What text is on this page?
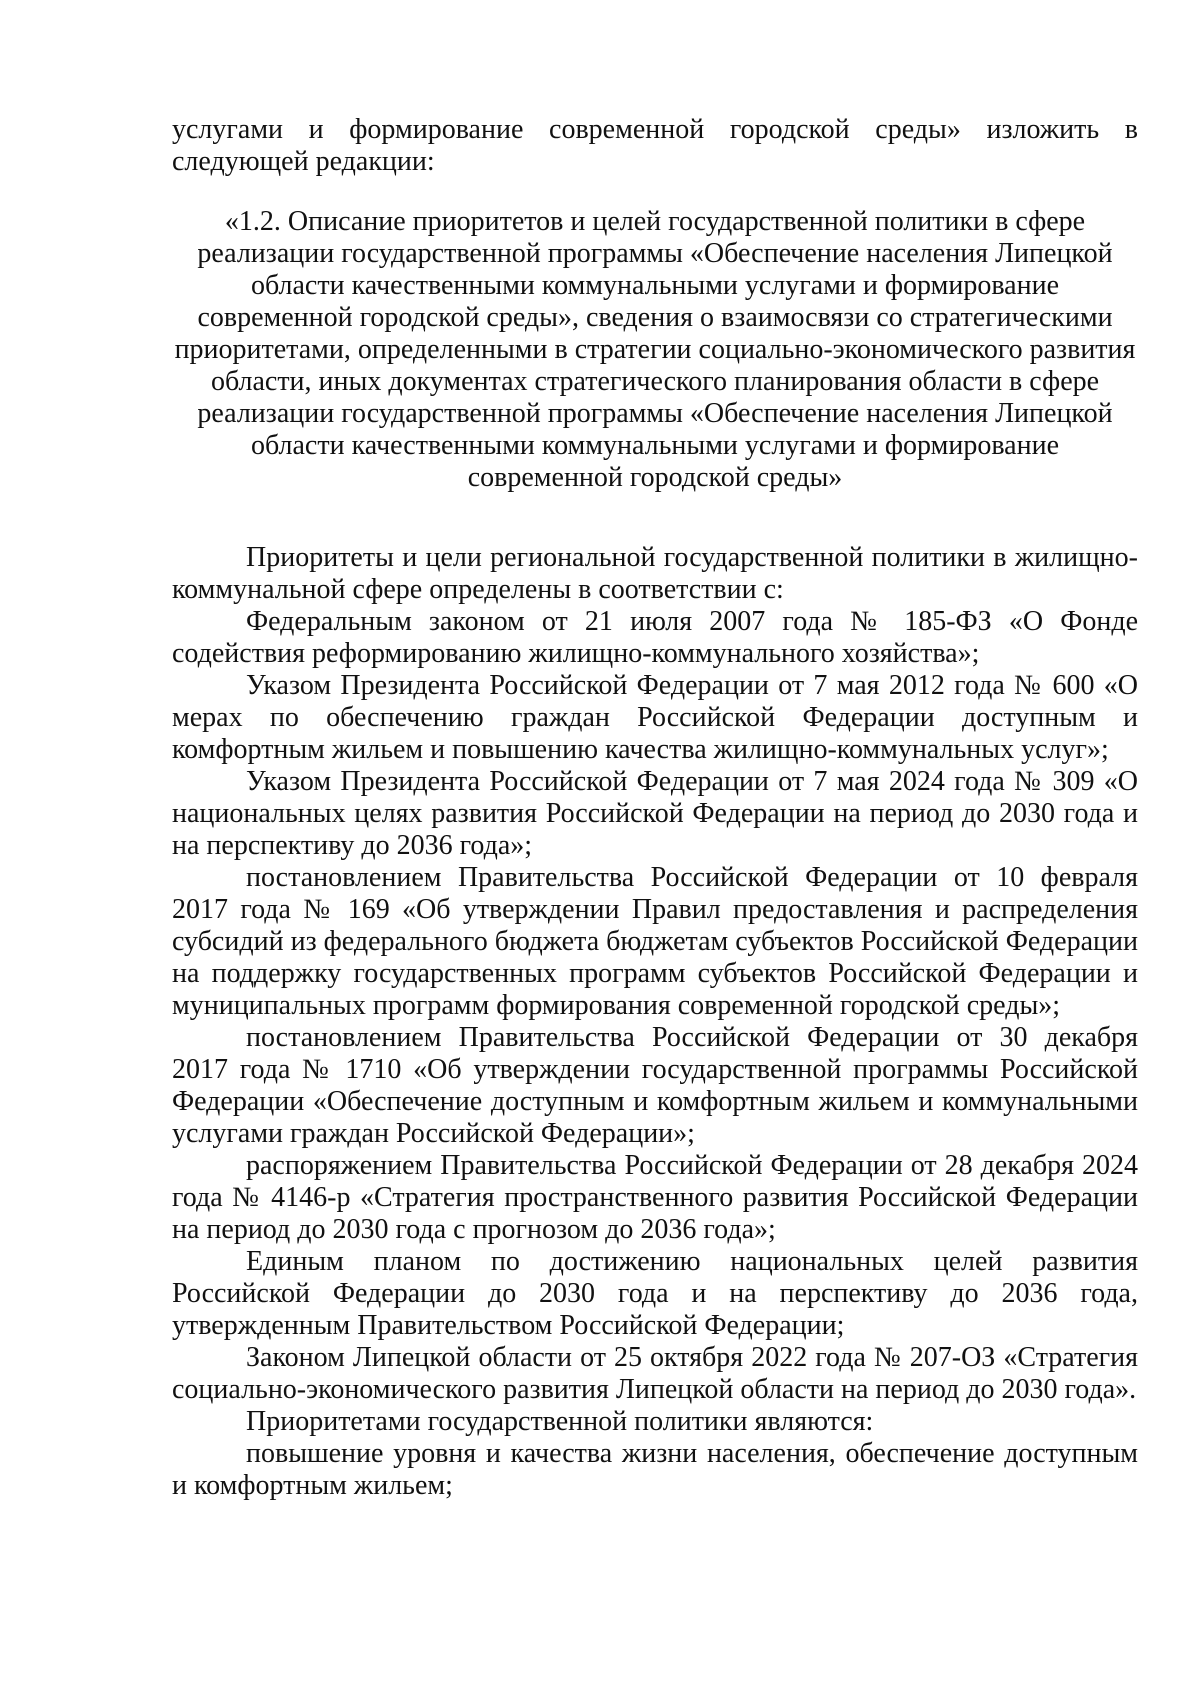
услугами и формирование современной городской среды» изложить в следующей редакции:

«1.2. Описание приоритетов и целей государственной политики в сфере реализации государственной программы «Обеспечение населения Липецкой области качественными коммунальными услугами и формирование современной городской среды», сведения о взаимосвязи со стратегическими приоритетами, определенными в стратегии социально-экономического развития области, иных документах стратегического планирования области в сфере реализации государственной программы «Обеспечение населения Липецкой области качественными коммунальными услугами и формирование современной городской среды»

Приоритеты и цели региональной государственной политики в жилищно-коммунальной сфере определены в соответствии с:

Федеральным законом от 21 июля 2007 года № 185-ФЗ «О Фонде содействия реформированию жилищно-коммунального хозяйства»;

Указом Президента Российской Федерации от 7 мая 2012 года № 600 «О мерах по обеспечению граждан Российской Федерации доступным и комфортным жильем и повышению качества жилищно-коммунальных услуг»;

Указом Президента Российской Федерации от 7 мая 2024 года № 309 «О национальных целях развития Российской Федерации на период до 2030 года и на перспективу до 2036 года»;

постановлением Правительства Российской Федерации от 10 февраля 2017 года № 169 «Об утверждении Правил предоставления и распределения субсидий из федерального бюджета бюджетам субъектов Российской Федерации на поддержку государственных программ субъектов Российской Федерации и муниципальных программ формирования современной городской среды»;

постановлением Правительства Российской Федерации от 30 декабря 2017 года № 1710 «Об утверждении государственной программы Российской Федерации «Обеспечение доступным и комфортным жильем и коммунальными услугами граждан Российской Федерации»;

распоряжением Правительства Российской Федерации от 28 декабря 2024 года № 4146-р «Стратегия пространственного развития Российской Федерации на период до 2030 года с прогнозом до 2036 года»;

Единым планом по достижению национальных целей развития Российской Федерации до 2030 года и на перспективу до 2036 года, утвержденным Правительством Российской Федерации;

Законом Липецкой области от 25 октября 2022 года № 207-ОЗ «Стратегия социально-экономического развития Липецкой области на период до 2030 года».

Приоритетами государственной политики являются:

повышение уровня и качества жизни населения, обеспечение доступным и комфортным жильем;
